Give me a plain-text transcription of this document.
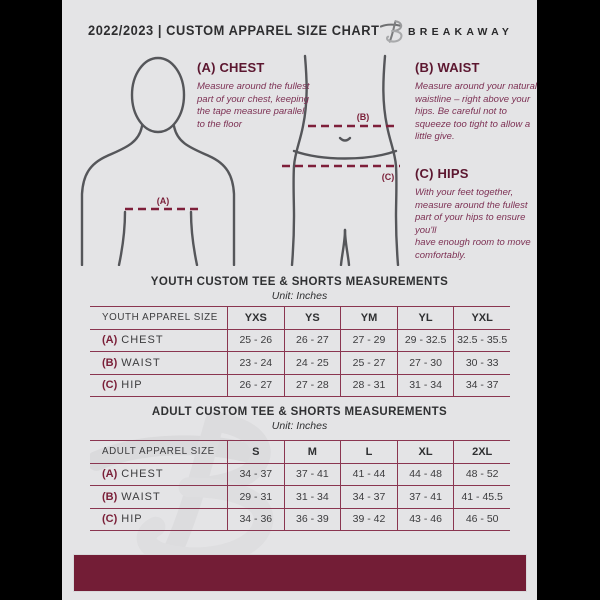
2022/2023 | CUSTOM APPAREL SIZE CHART	BREAKAWAY
(A)
(B)
(C)
(A) CHEST

Measure around the fullest part of your chest, keeping the tape measure parallel to the floor

(B) WAIST

Measure around your natural waistline – right above your hips. Be careful not to squeeze too tight to allow a little give.

(C) HIPS

With your feet together, measure around the fullest part of your hips to ensure you'll
have enough room to move comfortably.

YOUTH CUSTOM TEE & SHORTS MEASUREMENTS
Unit: Inches
YOUTH APPAREL SIZE	YXS	YS	YM	YL	YXL
(A) CHEST	25 - 26	26 - 27	27 - 29	29 - 32.5	32.5 - 35.5
(B) WAIST	23 - 24	24 - 25	25 - 27	27 - 30	30 - 33
(C) HIP	26 - 27	27 - 28	28 - 31	31 - 34	34 - 37
ADULT CUSTOM TEE & SHORTS MEASUREMENTS
Unit: Inches
ADULT APPAREL SIZE	S	M	L	XL	2XL
(A) CHEST	34 - 37	37 - 41	41 - 44	44 - 48	48 - 52
(B) WAIST	29 - 31	31 - 34	34 - 37	37 - 41	41 - 45.5
(C) HIP	34 - 36	36 - 39	39 - 42	43 - 46	46 - 50
